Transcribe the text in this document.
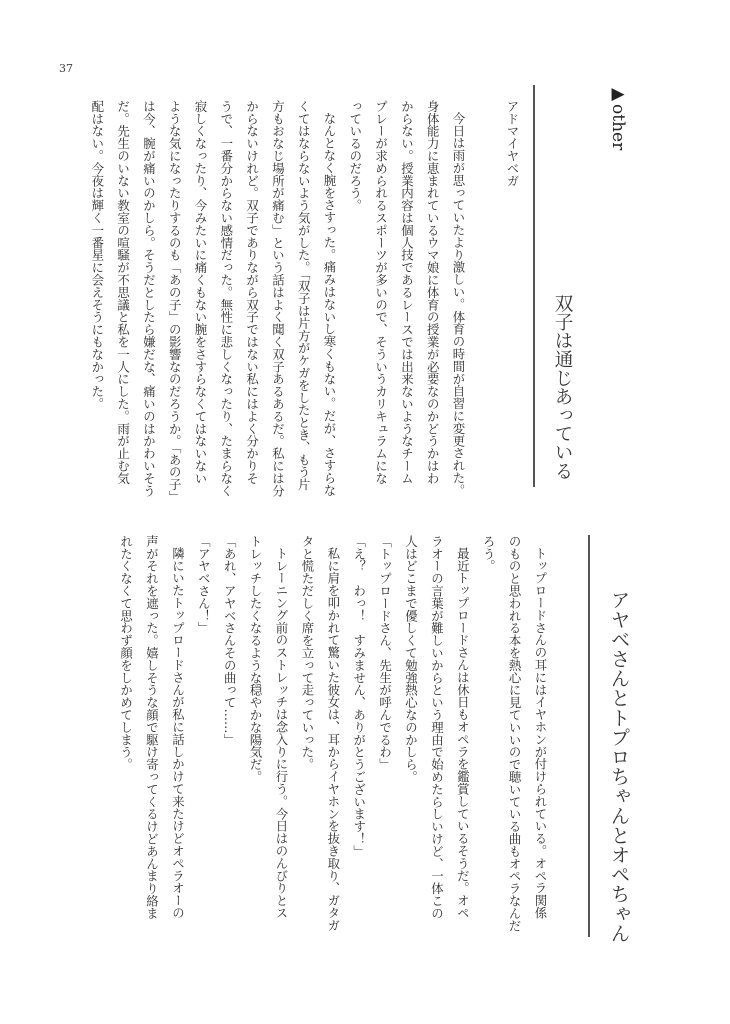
37
▶other
双子は通じあっている
アドマイヤベガ
今日は雨が思っていたより激しい。体育の時間が自習に変更された。
身体能力に恵まれているウマ娘に体育の授業が必要なのかどうかはわ
からない。授業内容は個人技であるレースでは出来ないようなチーム
プレーが求められるスポーツが多いので、そういうカリキュラムにな
っているのだろう。
なんとなく腕をさすった。痛みはないし寒くもない。だが、さすらな
くてはならないよう気がした。「双子は片方がケガをしたとき、もう片
方もおなじ場所が痛む」という話はよく聞く双子あるあるだ。私には分
からないけれど。双子でありながら双子ではない私にはよく分かりそ
うで、一番分からない感情だった。無性に悲しくなったり、たまらなく
寂しくなったり、今みたいに痛くもない腕をさすらなくてはないない
ような気になったりするのも「あの子」の影響なのだろうか。「あの子」
は今、腕が痛いのかしら。そうだとしたら嫌だな、痛いのはかわいそう
だ。先生のいない教室の喧騒が不思議と私を一人にした。雨が止む気
配はない。今夜は輝く一番星に会えそうにもなかった。
アヤベさんとトプロちゃんとオペちゃん
トップロードさんの耳にはイヤホンが付けられている。オペラ関係
のものと思われる本を熱心に見ていいので聴いている曲もオペラなんだ
ろう。
最近トップロードさんは休日もオペラを鑑賞しているそうだ。オペ
ラオーの言葉が難しいからという理由で始めたらしいけど、一体この
人はどこまで優しくて勉強熱心なのかしら。
「トップロードさん、先生が呼んでるわ」
「え？　わっ！　すみません、ありがとうございます！」
私に肩を叩かれて驚いた彼女は、耳からイヤホンを抜き取り、ガタガ
タと慌ただしく席を立って走っていった。
トレーニング前のストレッチは念入りに行う。今日はのんびりとス
トレッチしたくなるような穏やかな陽気だ。
「あれ、アヤベさんその曲って……」
「アヤベさん！」
隣にいたトップロードさんが私に話しかけて来たけどオペラオーの
声がそれを遮った。嬉しそうな顔で駆け寄ってくるけどあんまり絡ま
れたくなくて思わず顔をしかめてしまう。
